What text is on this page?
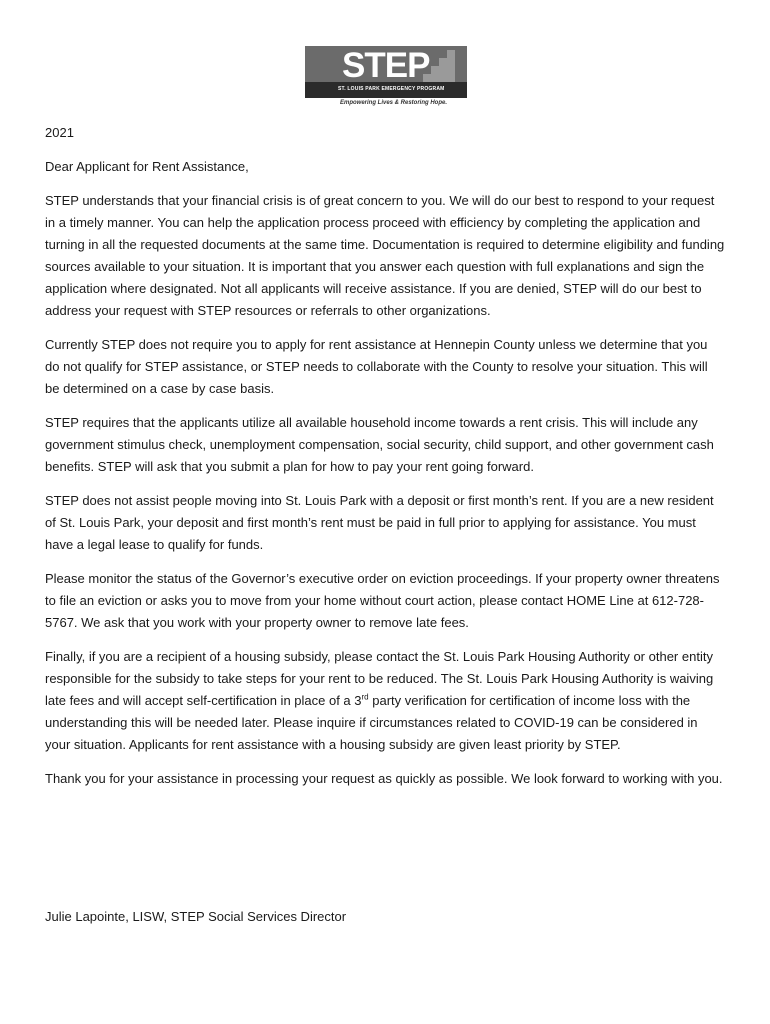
STEP
ST. LOUIS PARK EMERGENCY PROGRAM
Empowering Lives & Restoring Hope.

2021

Dear Applicant for Rent Assistance,

STEP understands that your financial crisis is of great concern to you. We will do our best to respond to your request in a timely manner. You can help the application process proceed with efficiency by completing the application and turning in all the requested documents at the same time. Documentation is required to determine eligibility and funding sources available to your situation. It is important that you answer each question with full explanations and sign the application where designated. Not all applicants will receive assistance. If you are denied, STEP will do our best to address your request with STEP resources or referrals to other organizations.

Currently STEP does not require you to apply for rent assistance at Hennepin County unless we determine that you do not qualify for STEP assistance, or STEP needs to collaborate with the County to resolve your situation. This will be determined on a case by case basis.

STEP requires that the applicants utilize all available household income towards a rent crisis. This will include any government stimulus check, unemployment compensation, social security, child support, and other government cash benefits. STEP will ask that you submit a plan for how to pay your rent going forward.

STEP does not assist people moving into St. Louis Park with a deposit or first month’s rent. If you are a new resident of St. Louis Park, your deposit and first month’s rent must be paid in full prior to applying for assistance. You must have a legal lease to qualify for funds.

Please monitor the status of the Governor’s executive order on eviction proceedings. If your property owner threatens to file an eviction or asks you to move from your home without court action, please contact HOME Line at 612-728-5767. We ask that you work with your property owner to remove late fees.

Finally, if you are a recipient of a housing subsidy, please contact the St. Louis Park Housing Authority or other entity responsible for the subsidy to take steps for your rent to be reduced. The St. Louis Park Housing Authority is waiving late fees and will accept self-certification in place of a 3rd party verification for certification of income loss with the understanding this will be needed later. Please inquire if circumstances related to COVID-19 can be considered in your situation. Applicants for rent assistance with a housing subsidy are given least priority by STEP.

Thank you for your assistance in processing your request as quickly as possible. We look forward to working with you.

Julie Lapointe, LISW, STEP Social Services Director
